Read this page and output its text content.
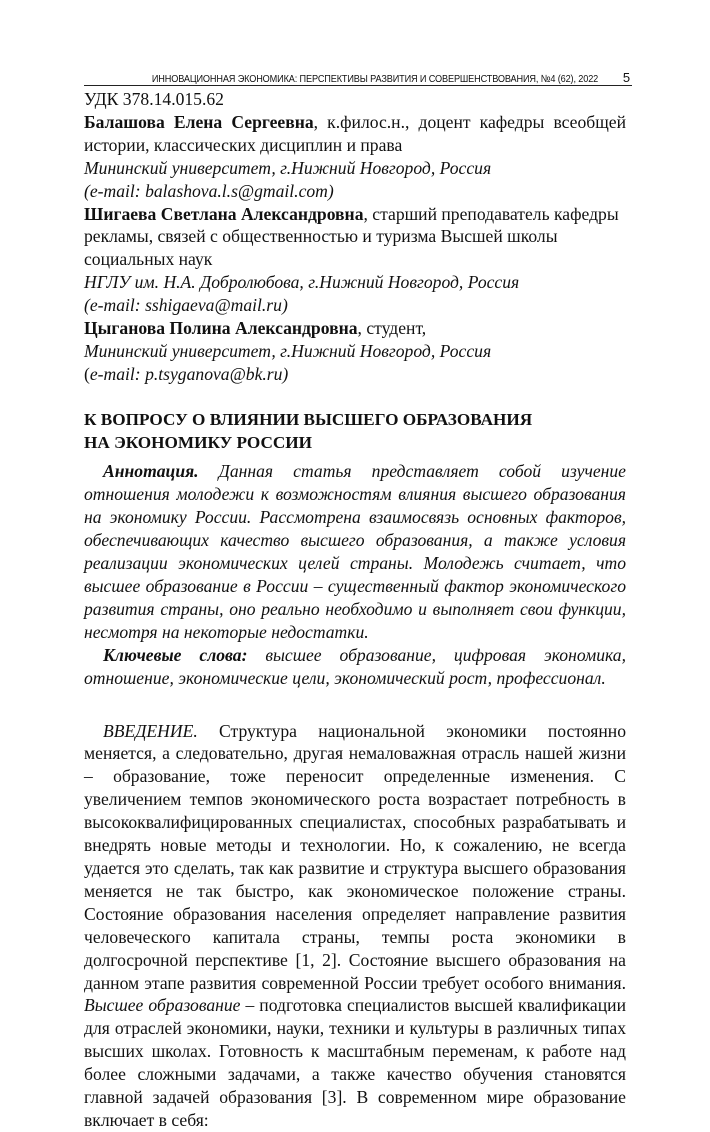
ИННОВАЦИОННАЯ ЭКОНОМИКА: ПЕРСПЕКТИВЫ РАЗВИТИЯ И СОВЕРШЕНСТВОВАНИЯ, №4 (62), 2022 5
УДК 378.14.015.62

Балашова Елена Сергеевна, к.филос.н., доцент кафедры всеобщей истории, классических дисциплин и права

Мининский университет, г.Нижний Новгород, Россия

(e-mail: balashova.l.s@gmail.com)

Шигаева Светлана Александровна, старший преподаватель кафедры рекламы, связей с общественностью и туризма Высшей школы социальных наук

НГЛУ им. Н.А. Добролюбова, г.Нижний Новгород, Россия

(e-mail: sshigaeva@mail.ru)

Цыганова Полина Александровна, студент,

Мининский университет, г.Нижний Новгород, Россия

(e-mail: p.tsyganova@bk.ru)

К ВОПРОСУ О ВЛИЯНИИ ВЫСШЕГО ОБРАЗОВАНИЯ
НА ЭКОНОМИКУ РОССИИ

Аннотация. Данная статья представляет собой изучение отношения молодежи к возможностям влияния высшего образования на экономику России. Рассмотрена взаимосвязь основных факторов, обеспечивающих качество высшего образования, а также условия реализации экономических целей страны. Молодежь считает, что высшее образование в России – существенный фактор экономического развития страны, оно реально необходимо и выполняет свои функции, несмотря на некоторые недостатки.

Ключевые слова: высшее образование, цифровая экономика, отношение, экономические цели, экономический рост, профессионал.

ВВЕДЕНИЕ. Структура национальной экономики постоянно меняется, а следовательно, другая немаловажная отрасль нашей жизни – образование, тоже переносит определенные изменения. С увеличением темпов экономического роста возрастает потребность в высококвалифицированных специалистах, способных разрабатывать и внедрять новые методы и технологии. Но, к сожалению, не всегда удается это сделать, так как развитие и структура высшего образования меняется не так быстро, как экономическое положение страны. Состояние образования населения определяет направление развития человеческого капитала страны, темпы роста экономики в долгосрочной перспективе [1, 2]. Состояние высшего образования на данном этапе развития современной России требует особого внимания. Высшее образование – подготовка специалистов высшей квалификации для отраслей экономики, науки, техники и культуры в различных типах высших школах. Готовность к масштабным переменам, к работе над более сложными задачами, а также качество обучения становятся главной задачей образования [3]. В современном мире образование включает в себя:
